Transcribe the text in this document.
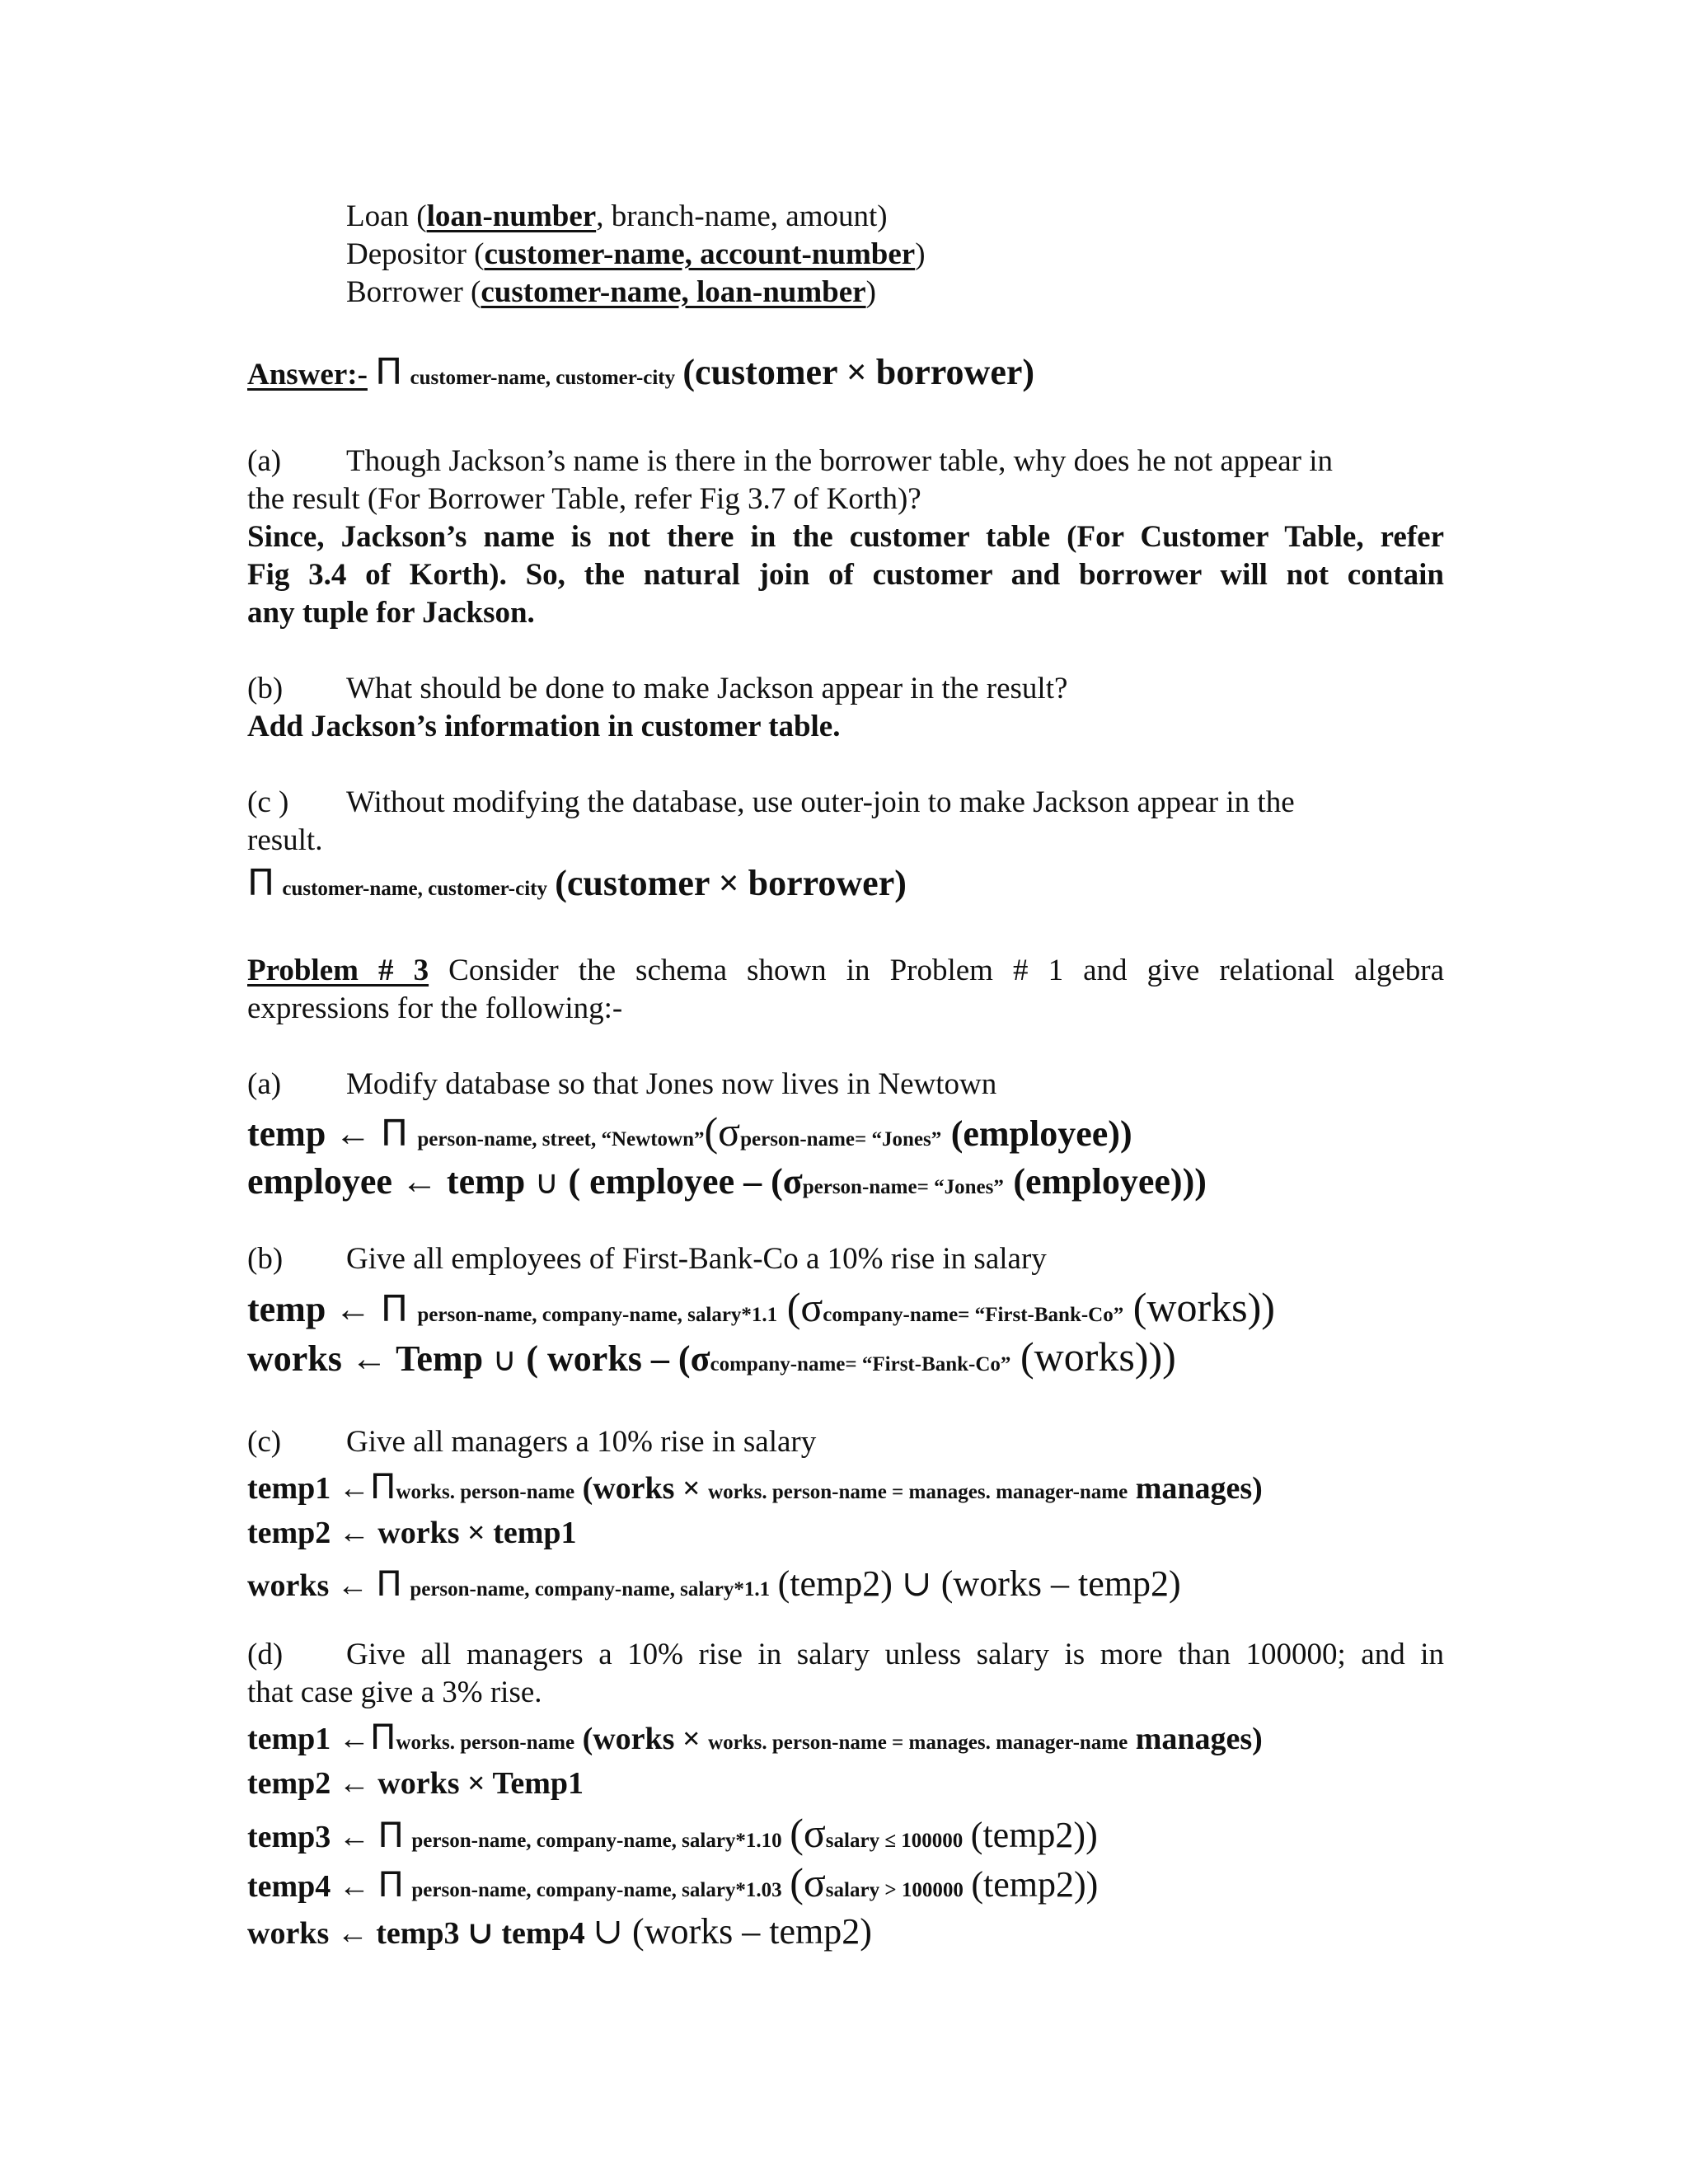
Loan (loan-number, branch-name, amount)
Depositor (customer-name, account-number)
Borrower (customer-name, loan-number)
Answer:- Π customer-name, customer-city (customer × borrower)
(a) Though Jackson’s name is there in the borrower table, why does he not appear in
the result (For Borrower Table, refer Fig 3.7 of Korth)?
Since, Jackson’s name is not there in the customer table (For Customer Table, refer
Fig 3.4 of Korth). So, the natural join of customer and borrower will not contain
any tuple for Jackson.
(b) What should be done to make Jackson appear in the result?
Add Jackson’s information in customer table.
(c ) Without modifying the database, use outer-join to make Jackson appear in the
result.
Π customer-name, customer-city (customer × borrower)
Problem # 3 Consider the schema shown in Problem # 1 and give relational algebra
expressions for the following:-
(a) Modify database so that Jones now lives in Newtown
temp ← Π person-name, street, “Newtown”(σperson-name= “Jones” (employee))
employee ← temp ∪ ( employee – (σperson-name= “Jones” (employee)))
(b) Give all employees of First-Bank-Co a 10% rise in salary
temp ← Π person-name, company-name, salary*1.1 (σcompany-name= “First-Bank-Co” (works))
works ← Temp ∪ ( works – (σcompany-name= “First-Bank-Co” (works)))
(c) Give all managers a 10% rise in salary
temp1 ←Πworks. person-name (works × works. person-name = manages. manager-name manages)
temp2 ← works × temp1
works ← Π person-name, company-name, salary*1.1 (temp2) ∪ (works – temp2)
(d) Give all managers a 10% rise in salary unless salary is more than 100000; and in
that case give a 3% rise.
temp1 ←Πworks. person-name (works × works. person-name = manages. manager-name manages)
temp2 ← works × Temp1
temp3 ← Π person-name, company-name, salary*1.10 (σsalary ≤ 100000 (temp2))
temp4 ← Π person-name, company-name, salary*1.03 (σsalary > 100000 (temp2))
works ← temp3 ∪ temp4 ∪ (works – temp2)
